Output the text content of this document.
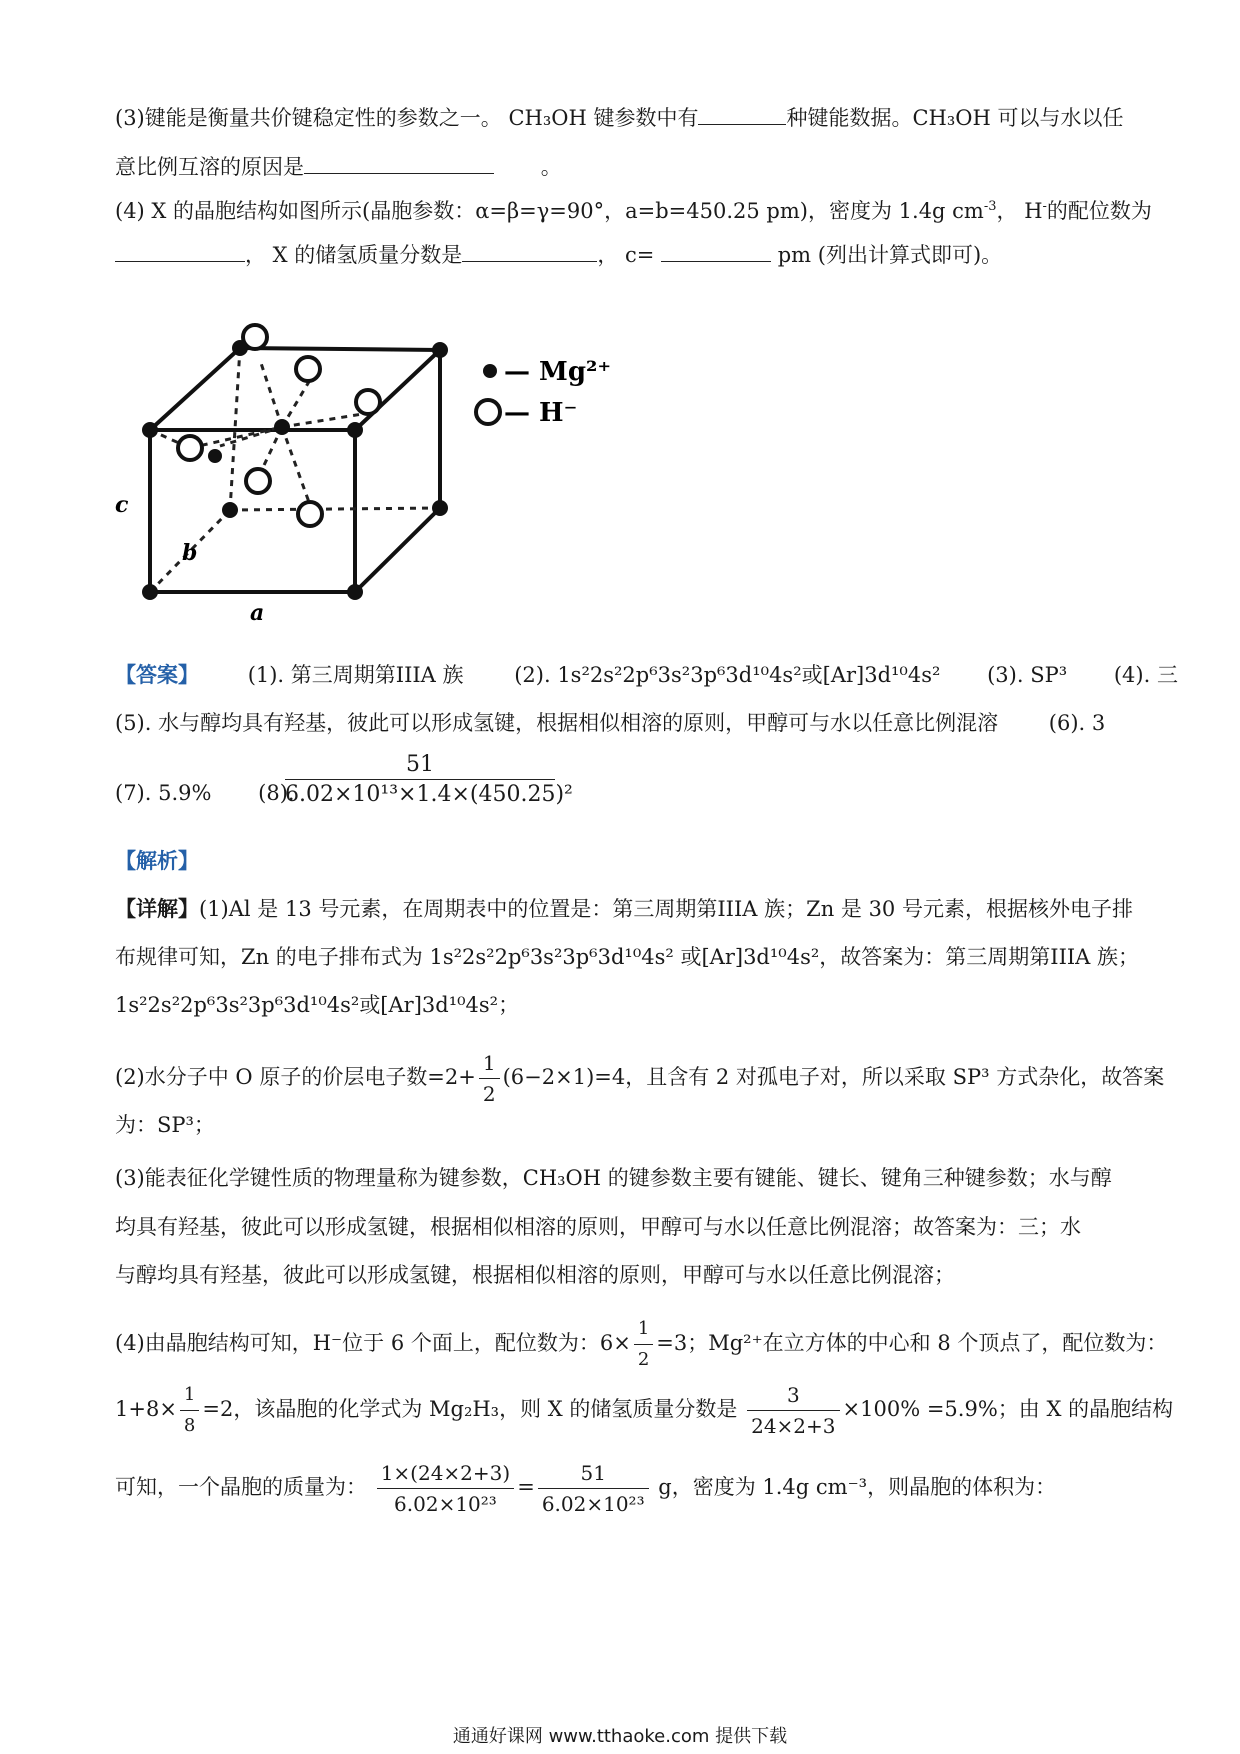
(3)键能是衡量共价键稳定性的参数之一。 CH₃OH 键参数中有	种键能数据。CH₃OH 可以与水以任
意比例互溶的原因是	。
(4) X 的晶胞结构如图所示(晶胞参数：α=β=γ=90°，a=b=450.25 pm)，密度为 1.4g $cm^{-3}$， H-的配位数为
， X 的储氢质量分数是	， c=	pm (列出计算式即可)。
c
b
a
— Mg²⁺
— H⁻
【答案】 (1). 第三周期第IIIA 族 (2). 1s²2s²2p⁶3s²3p⁶3d¹⁰4s²或[Ar]3d¹⁰4s² (3). SP³ (4). 三
(5). 水与醇均具有羟基，彼此可以形成氢键，根据相似相溶的原则，甲醇可与水以任意比例混溶 (6). 3
(7). 5.9% (8).
$\frac{51}{\text{6.02×10¹³×1.4×(450.25)²}}$
【解析】
【详解】(1)Al 是 13 号元素，在周期表中的位置是：第三周期第IIIA 族；Zn 是 30 号元素，根据核外电子排
布规律可知，Zn 的电子排布式为 1s²2s²2p⁶3s²3p⁶3d¹⁰4s² 或[Ar]3d¹⁰4s²，故答案为：第三周期第IIIA 族；
1s²2s²2p⁶3s²3p⁶3d¹⁰4s²或[Ar]3d¹⁰4s²；
(2)水分子中 O 原子的价层电子数$=2+ \frac{1}{2} (6-2\times 1)=4$，且含有 2 对孤电子对，所以采取 SP³ 方式杂化，故答案
为：SP³；
(3)能表征化学键性质的物理量称为键参数，CH₃OH 的键参数主要有键能、键长、键角三种键参数；水与醇
均具有羟基，彼此可以形成氢键，根据相似相溶的原则，甲醇可与水以任意比例混溶；故答案为：三；水
与醇均具有羟基，彼此可以形成氢键，根据相似相溶的原则，甲醇可与水以任意比例混溶；
(4)由晶胞结构可知，H⁻位于 6 个面上，配位数为：$6\times \frac{1}{2} =3$；Mg²⁺在立方体的中心和 8 个顶点了，配位数为：
$1+8\times \frac{1}{8} =2$，该晶胞的化学式为 Mg₂H₃，则 X 的储氢质量分数是 $\frac{3}{24\times 2+3} \times 100\% =5.9\%$；由 X 的晶胞结构
可知，一个晶胞的质量为： $\frac{1\times(24\times 2+3)}{\text{6.02×10²³}} = \frac{51}{\text{6.02×10²³}}$ g，密度为 1.4g cm⁻³，则晶胞的体积为：
通通好课网 www.tthaoke.com 提供下载
